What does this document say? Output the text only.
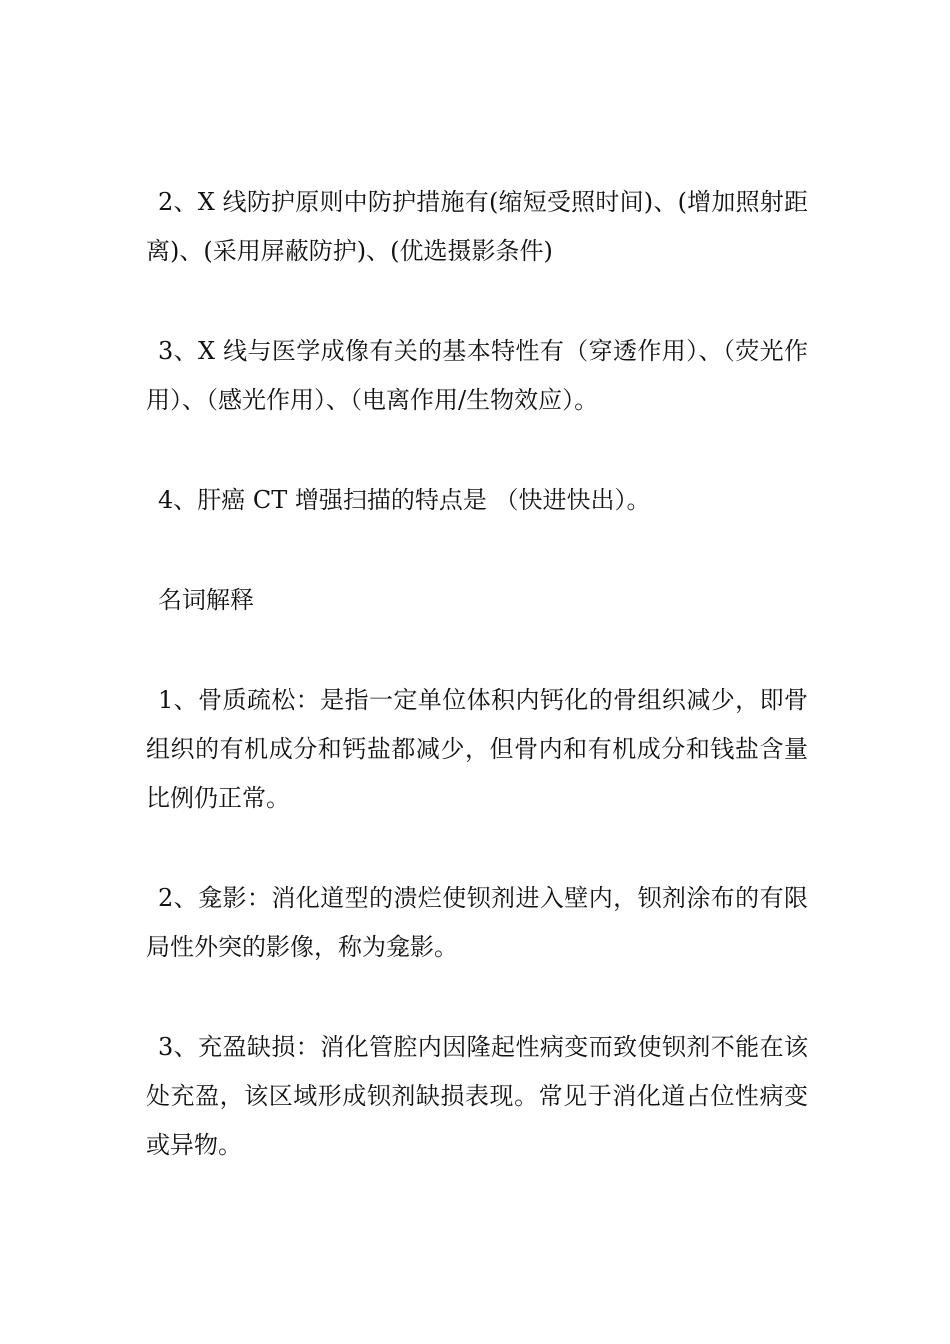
2、X 线防护原则中防护措施有(缩短受照时间)、(增加照射距离)、(采用屏蔽防护)、(优选摄影条件)

3、X 线与医学成像有关的基本特性有（穿透作用）、（荧光作用）、（感光作用）、（电离作用/生物效应）。

4、肝癌 CT 增强扫描的特点是 （快进快出）。

名词解释

1、骨质疏松：是指一定单位体积内钙化的骨组织减少，即骨组织的有机成分和钙盐都减少，但骨内和有机成分和钱盐含量比例仍正常。

2、龛影：消化道型的溃烂使钡剂进入壁内，钡剂涂布的有限局性外突的影像，称为龛影。

3、充盈缺损：消化管腔内因隆起性病变而致使钡剂不能在该处充盈，该区域形成钡剂缺损表现。常见于消化道占位性病变或异物。
